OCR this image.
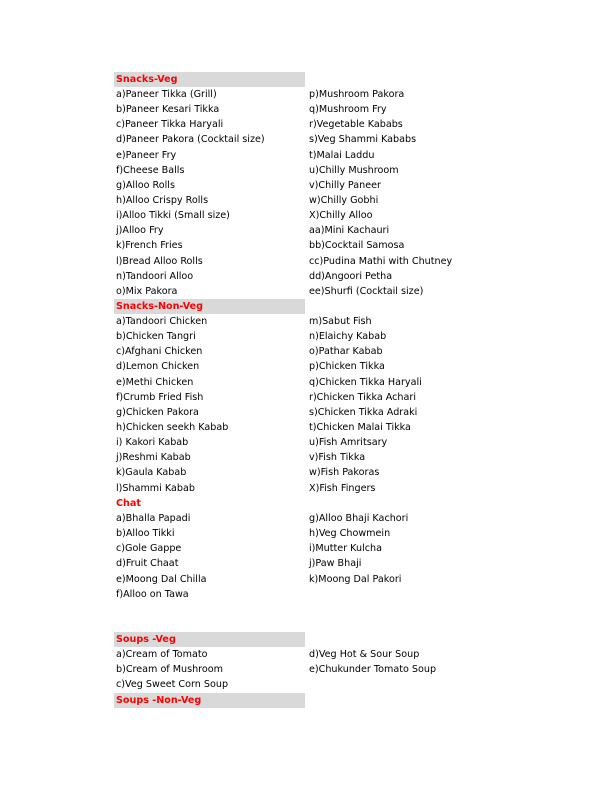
Snacks-Veg
a)Paneer Tikka (Grill)
b)Paneer Kesari Tikka
c)Paneer Tikka Haryali
d)Paneer Pakora (Cocktail size)
e)Paneer Fry
f)Cheese Balls
g)Alloo Rolls
h)Alloo Crispy Rolls
i)Alloo Tikki (Small size)
j)Alloo Fry
k)French Fries
l)Bread Alloo Rolls
n)Tandoori Alloo
o)Mix Pakora
p)Mushroom Pakora
q)Mushroom Fry
r)Vegetable Kababs
s)Veg Shammi Kababs
t)Malai Laddu
u)Chilly Mushroom
v)Chilly Paneer
w)Chilly Gobhi
X)Chilly Alloo
aa)Mini Kachauri
bb)Cocktail Samosa
cc)Pudina Mathi with Chutney
dd)Angoori Petha
ee)Shurfi (Cocktail size)
Snacks-Non-Veg
a)Tandoori Chicken
b)Chicken Tangri
c)Afghani Chicken
d)Lemon Chicken
e)Methi Chicken
f)Crumb Fried Fish
g)Chicken Pakora
h)Chicken seekh Kabab
i) Kakori Kabab
j)Reshmi Kabab
k)Gaula Kabab
l)Shammi Kabab
m)Sabut Fish
n)Elaichy Kabab
o)Pathar Kabab
p)Chicken Tikka
q)Chicken Tikka Haryali
r)Chicken Tikka Achari
s)Chicken Tikka Adraki
t)Chicken Malai Tikka
u)Fish Amritsary
v)Fish Tikka
w)Fish Pakoras
X)Fish Fingers
Chat
a)Bhalla Papadi
b)Alloo Tikki
c)Gole Gappe
d)Fruit Chaat
e)Moong Dal Chilla
f)Alloo on Tawa
g)Alloo Bhaji Kachori
h)Veg Chowmein
i)Mutter Kulcha
j)Paw Bhaji
k)Moong Dal Pakori
Soups -Veg
a)Cream of Tomato
b)Cream of Mushroom
c)Veg Sweet Corn Soup
d)Veg Hot & Sour Soup
e)Chukunder Tomato Soup
Soups -Non-Veg
